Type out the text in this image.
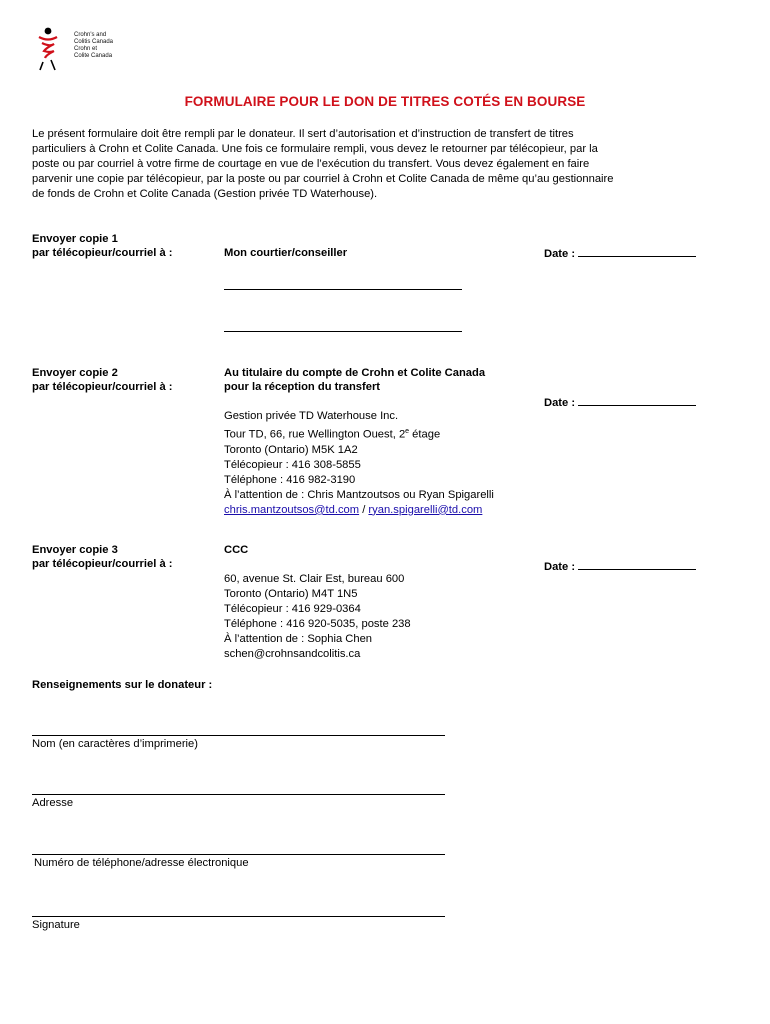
Crohn's and
Colitis Canada
Crohn et
Colite Canada
FORMULAIRE POUR LE DON DE TITRES COTÉS EN BOURSE
Le présent formulaire doit être rempli par le donateur. Il sert d’autorisation et d’instruction de transfert de titres
particuliers à Crohn et Colite Canada. Une fois ce formulaire rempli, vous devez le retourner par télécopieur, par la
poste ou par courriel à votre firme de courtage en vue de l’exécution du transfert. Vous devez également en faire
parvenir une copie par télécopieur, par la poste ou par courriel à Crohn et Colite Canada de même qu’au gestionnaire
de fonds de Crohn et Colite Canada (Gestion privée TD Waterhouse).
Envoyer copie 1
par télécopieur/courriel à :	Mon courtier/conseiller	Date :
Envoyer copie 2
par télécopieur/courriel à :
Au titulaire du compte de Crohn et Colite Canada
pour la réception du transfert
Date :
Gestion privée TD Waterhouse Inc.
Tour TD, 66, rue Wellington Ouest, 2e étage
Toronto (Ontario) M5K 1A2
Télécopieur : 416 308-5855
Téléphone : 416 982-3190
À l’attention de : Chris Mantzoutsos ou Ryan Spigarelli
chris.mantzoutsos@td.com / ryan.spigarelli@td.com
Envoyer copie 3
par télécopieur/courriel à :
CCC
Date :
60, avenue St. Clair Est, bureau 600
Toronto (Ontario) M4T 1N5
Télécopieur : 416 929-0364
Téléphone : 416 920-5035, poste 238
À l’attention de : Sophia Chen
schen@crohnsandcolitis.ca
Renseignements sur le donateur :
Nom (en caractères d’imprimerie)
Adresse
Numéro de téléphone/adresse électronique
Signature
